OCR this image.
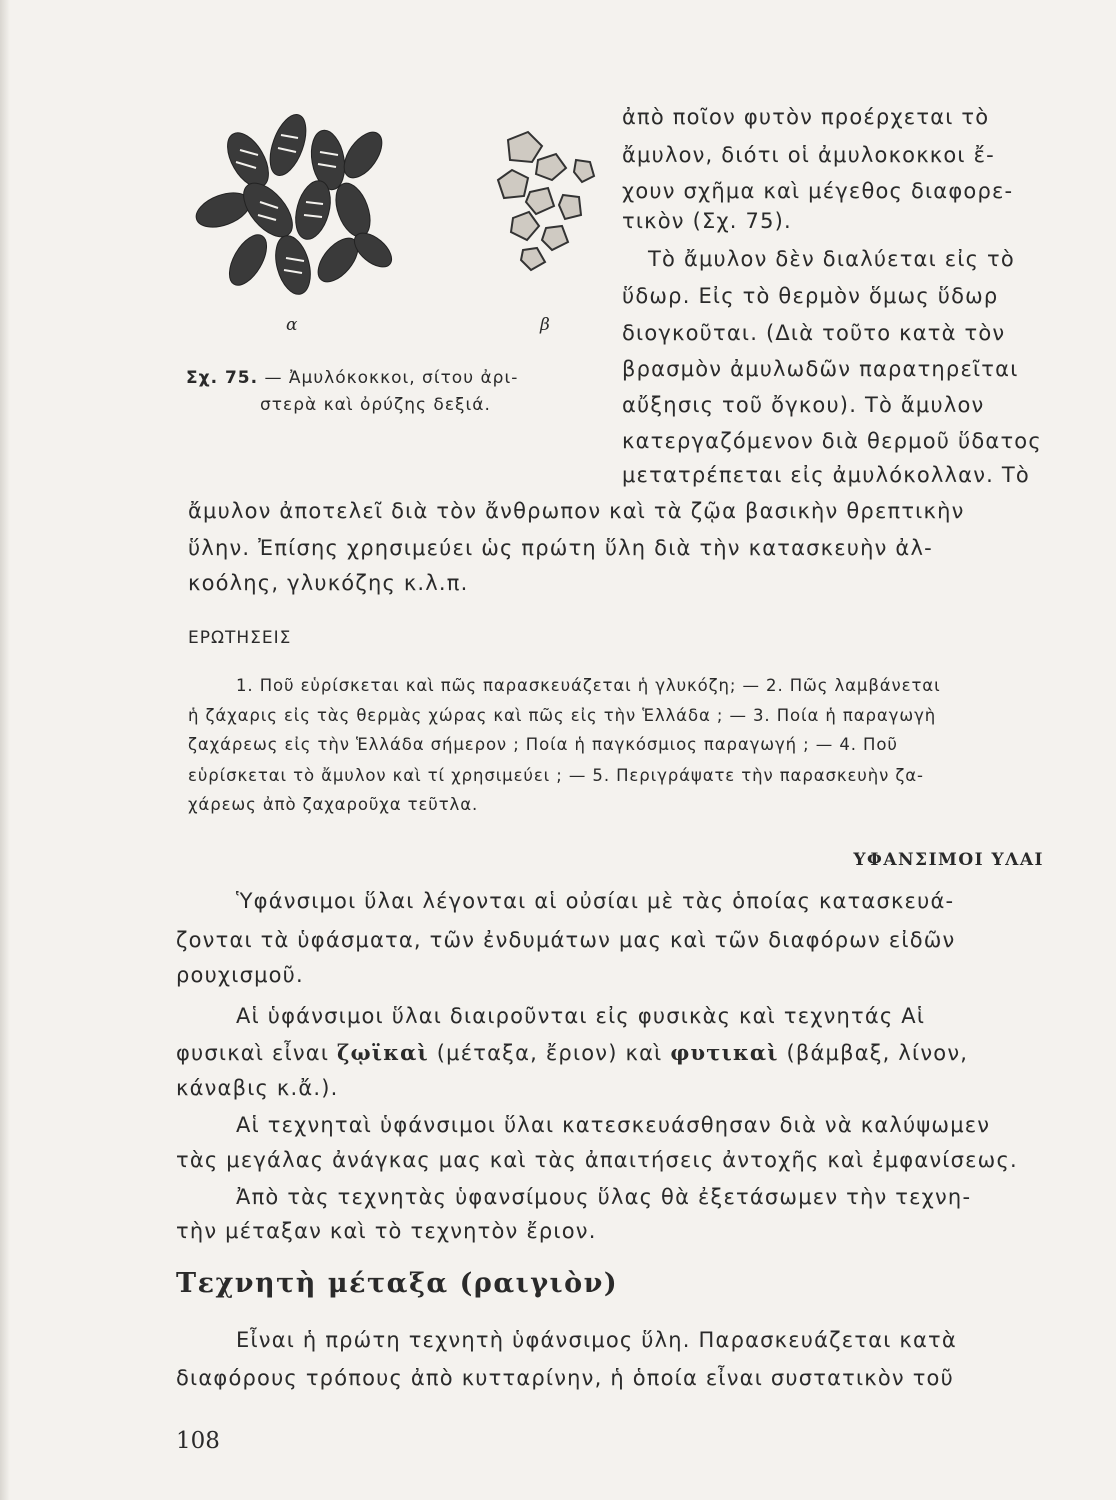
α	β
Σχ. 75. — Ἀμυλόκοκκοι, σίτου ἀρι-
στερὰ καὶ ὀρύζης δεξιά.
ἀπὸ ποῖον φυτὸν προέρχεται τὸ
ἄμυλον, διότι οἱ ἀμυλοκοκκοι ἔ-
χουν σχῆμα καὶ μέγεθος διαφορε-
τικὸν (Σχ. 75).
Τὸ ἄμυλον δὲν διαλύεται εἰς τὸ
ὕδωρ. Εἰς τὸ θερμὸν ὅμως ὕδωρ
διογκοῦται. (Διὰ τοῦτο κατὰ τὸν
βρασμὸν ἀμυλωδῶν παρατηρεῖται
αὔξησις τοῦ ὄγκου). Τὸ ἄμυλον
κατεργαζόμενον διὰ θερμοῦ ὕδατος
μετατρέπεται εἰς ἀμυλόκολλαν. Τὸ
ἄμυλον ἀποτελεῖ διὰ τὸν ἄνθρωπον καὶ τὰ ζῷα βασικὴν θρεπτικὴν
ὕλην. Ἐπίσης χρησιμεύει ὡς πρώτη ὕλη διὰ τὴν κατασκευὴν ἀλ-
κοόλης, γλυκόζης κ.λ.π.
ΕΡΩΤΗΣΕΙΣ
1. Ποῦ εὑρίσκεται καὶ πῶς παρασκευάζεται ἡ γλυκόζη; — 2. Πῶς λαμβάνεται
ἡ ζάχαρις εἰς τὰς θερμὰς χώρας καὶ πῶς εἰς τὴν Ἑλλάδα ; — 3. Ποία ἡ παραγωγὴ
ζαχάρεως εἰς τὴν Ἑλλάδα σήμερον ; Ποία ἡ παγκόσμιος παραγωγή ; — 4. Ποῦ
εὑρίσκεται τὸ ἄμυλον καὶ τί χρησιμεύει ; — 5. Περιγράψατε τὴν παρασκευὴν ζα-
χάρεως ἀπὸ ζαχαροῦχα τεῦτλα.
ΥΦΑΝΣΙΜΟΙ ΥΛΑΙ
Ὑφάνσιμοι ὕλαι λέγονται αἱ οὐσίαι μὲ τὰς ὁποίας κατασκευά-
ζονται τὰ ὑφάσματα, τῶν ἐνδυμάτων μας καὶ τῶν διαφόρων εἰδῶν
ρουχισμοῦ.
Αἱ ὑφάνσιμοι ὕλαι διαιροῦνται εἰς φυσικὰς καὶ τεχνητάς Αἱ
φυσικαὶ εἶναι ζῳϊκαὶ (μέταξα, ἔριον) καὶ φυτικαὶ (βάμβαξ, λίνον,
κάναβις κ.ἄ.).
Αἱ τεχνηταὶ ὑφάνσιμοι ὕλαι κατεσκευάσθησαν διὰ νὰ καλύψωμεν
τὰς μεγάλας ἀνάγκας μας καὶ τὰς ἀπαιτήσεις ἀντοχῆς καὶ ἐμφανίσεως.
Ἀπὸ τὰς τεχνητὰς ὑφανσίμους ὕλας θὰ ἐξετάσωμεν τὴν τεχνη-
τὴν μέταξαν καὶ τὸ τεχνητὸν ἔριον.
Τεχνητὴ μέταξα (ραιγιὸν)
Εἶναι ἡ πρώτη τεχνητὴ ὑφάνσιμος ὕλη. Παρασκευάζεται κατὰ
διαφόρους τρόπους ἀπὸ κυτταρίνην, ἡ ὁποία εἶναι συστατικὸν τοῦ
108
